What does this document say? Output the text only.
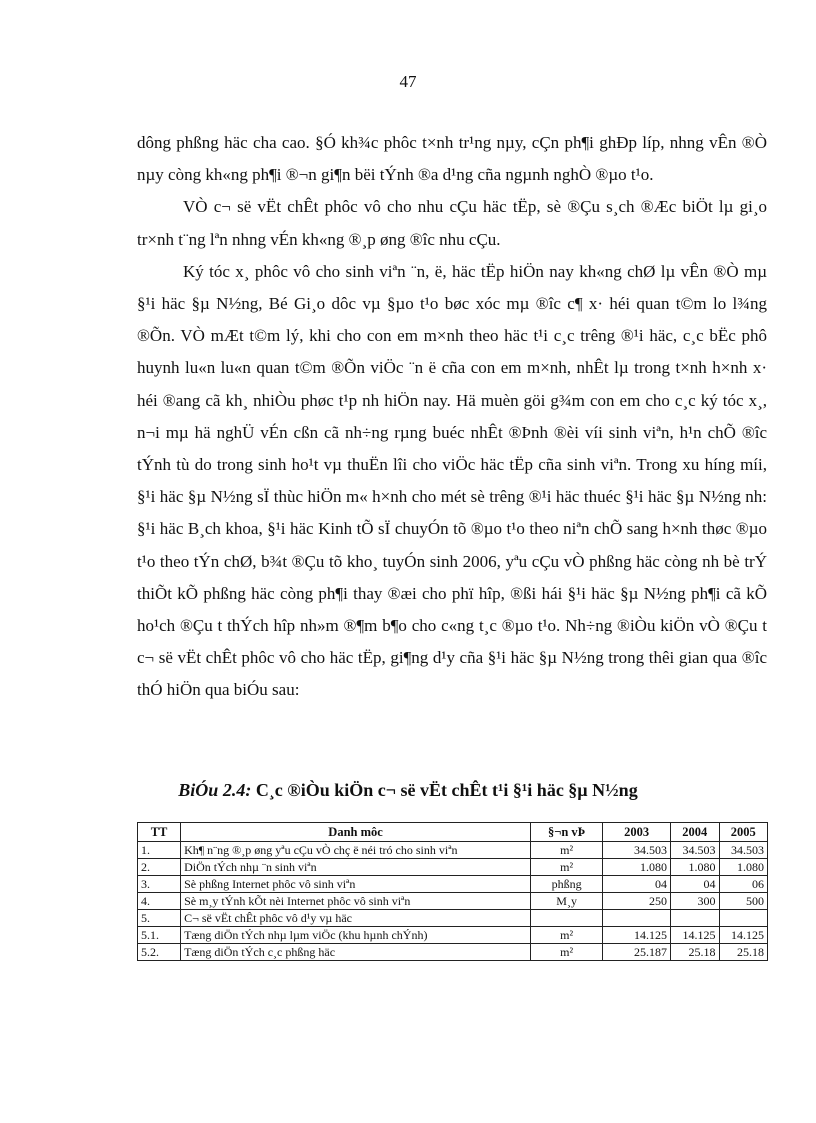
47

dông phßng häc cha cao. §Ó kh¾c phôc t×nh tr¹ng nµy, cÇn ph¶i ghÐp líp, nhng vÊn ®Ò nµy còng kh«ng ph¶i ®¬n gi¶n bëi tÝnh ®a d¹ng cña ngµnh nghÒ ®µo t¹o.

VÒ c¬ së vËt chÊt phôc vô cho nhu cÇu häc tËp, sè ®Çu s¸ch ®Æc biÖt lµ gi¸o tr×nh t¨ng lªn nhng vÉn kh«ng ®¸p øng ®îc nhu cÇu.

Ký tóc x¸ phôc vô cho sinh viªn ¨n, ë, häc tËp hiÖn nay kh«ng chØ lµ vÊn ®Ò mµ §¹i häc §µ N½ng, Bé Gi¸o dôc vµ §µo t¹o bøc xóc mµ ®îc c¶ x· héi quan t©m lo l¾ng ®Õn. VÒ mÆt t©m lý, khi cho con em m×nh theo häc t¹i c¸c trêng ®¹i häc, c¸c bËc phô huynh lu«n lu«n quan t©m ®Õn viÖc ¨n ë cña con em m×nh, nhÊt lµ trong t×nh h×nh x· héi ®ang cã kh¸ nhiÒu phøc t¹p nh hiÖn nay. Hä muèn göi g¾m con em cho c¸c ký tóc x¸, n¬i mµ hä nghÜ vÉn cßn cã nh÷ng rµng buéc nhÊt ®Þnh ®èi víi sinh viªn, h¹n chÕ ®îc tÝnh tù do trong sinh ho¹t vµ thuËn lîi cho viÖc häc tËp cña sinh viªn. Trong xu híng míi, §¹i häc §µ N½ng sÏ thùc hiÖn m« h×nh cho mét sè trêng ®¹i häc thuéc §¹i häc §µ N½ng nh: §¹i häc B¸ch khoa, §¹i häc Kinh tÕ sÏ chuyÓn tõ ®µo t¹o theo niªn chÕ sang h×nh thøc ®µo t¹o theo tÝn chØ, b¾t ®Çu tõ kho¸ tuyÓn sinh 2006, yªu cÇu vÒ phßng häc còng nh bè trÝ thiÕt kÕ phßng häc còng ph¶i thay ®æi cho phï hîp, ®ßi hái §¹i häc §µ N½ng ph¶i cã kÕ ho¹ch ®Çu t thÝch hîp nh»m ®¶m b¶o cho c«ng t¸c ®µo t¹o. Nh÷ng ®iÒu kiÖn vÒ ®Çu t c¬ së vËt chÊt phôc vô cho häc tËp, gi¶ng d¹y cña §¹i häc §µ N½ng trong thêi gian qua ®îc thÓ hiÖn qua biÓu sau:

BiÓu 2.4: C¸c ®iÒu kiÖn c¬ së vËt chÊt t¹i §¹i häc §µ N½ng
TT	Danh môc	§¬n vÞ	2003	2004	2005
1.	Kh¶ n¨ng ®¸p øng yªu cÇu vÒ chç ë néi tró cho sinh viªn	m²	34.503	34.503	34.503
2.	DiÖn tÝch nhµ ¨n sinh viªn	m²	1.080	1.080	1.080
3.	Sè phßng Internet phôc vô sinh viªn	phßng	04	04	06
4.	Sè m¸y tÝnh kÕt nèi Internet phôc vô sinh viªn	M¸y	250	300	500
5.	C¬ së vËt chÊt phôc vô d¹y vµ häc				
5.1.	Tæng diÖn tÝch nhµ lµm viÖc (khu hµnh chÝnh)	m²	14.125	14.125	14.125
5.2.	Tæng diÖn tÝch c¸c phßng häc	m²	25.187	25.18	25.18
